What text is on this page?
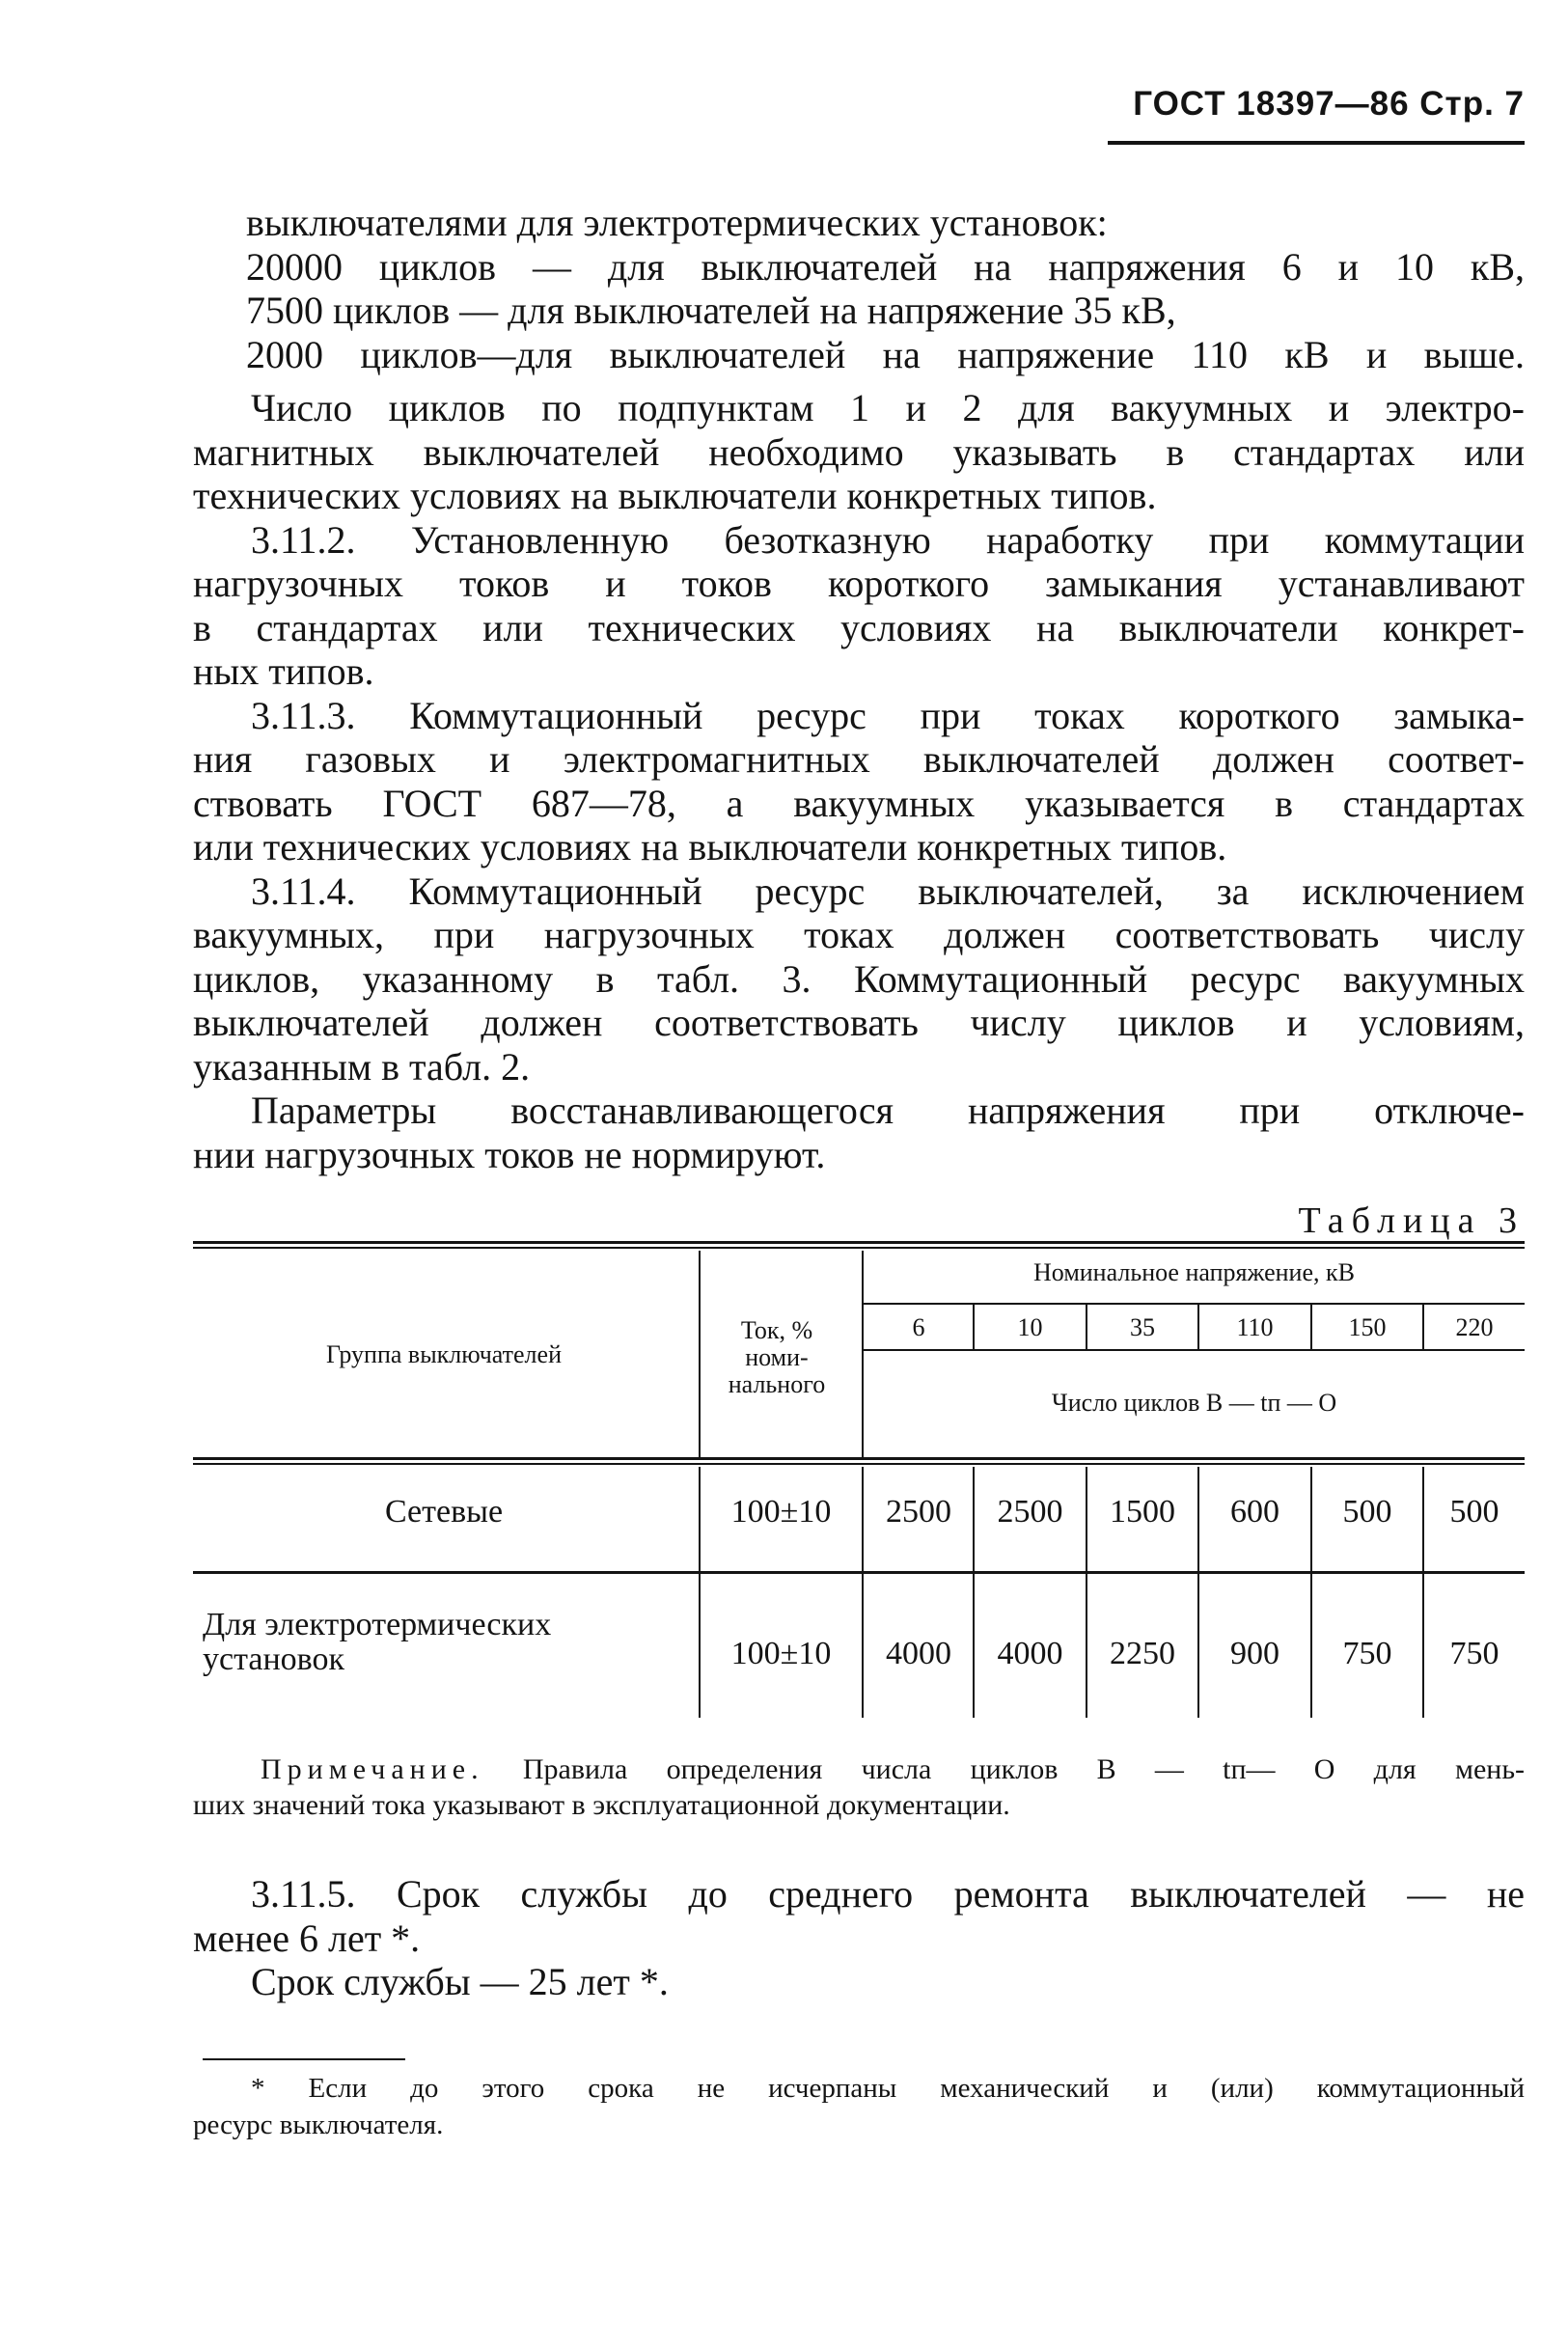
ГОСТ 18397—86 Стр. 7
выключателями для электротермических установок:
20000 циклов — для выключателей на напряжения 6 и 10 кВ,
7500 циклов — для выключателей на напряжение 35 кВ,
2000 циклов—для выключателей на напряжение 110 кВ и выше.
Число циклов по подпунктам 1 и 2 для вакуумных и электро-
магнитных выключателей необходимо указывать в стандартах или
технических условиях на выключатели конкретных типов.
3.11.2. Установленную безотказную наработку при коммутации
нагрузочных токов и токов короткого замыкания устанавливают
в стандартах или технических условиях на выключатели конкрет-
ных типов.
3.11.3. Коммутационный ресурс при токах короткого замыка-
ния газовых и электромагнитных выключателей должен соответ-
ствовать ГОСТ 687—78, а вакуумных указывается в стандартах
или технических условиях на выключатели конкретных типов.
3.11.4. Коммутационный ресурс выключателей, за исключением
вакуумных, при нагрузочных токах должен соответствовать числу
циклов, указанному в табл. 3. Коммутационный ресурс вакуумных
выключателей должен соответствовать числу циклов и условиям,
указанным в табл. 2.
Параметры восстанавливающегося напряжения при отключе-
нии нагрузочных токов не нормируют.
Таблица 3
Группа выключателей
Ток, %
номи-
нального
Номинальное напряжение, кВ
6	10	35	110	150	220
Число циклов В — tп — О
Сетевые	100±10	2500	2500	1500	600	500	500
Для электротермических
установок	100±10	4000	4000	2250	900	750	750
Примечание. Правила определения числа циклов В — tп— О для мень-
ших значений тока указывают в эксплуатационной документации.
3.11.5. Срок службы до среднего ремонта выключателей — не
менее 6 лет *.
Срок службы — 25 лет *.
* Если до этого срока не исчерпаны механический и (или) коммутационный
ресурс выключателя.
